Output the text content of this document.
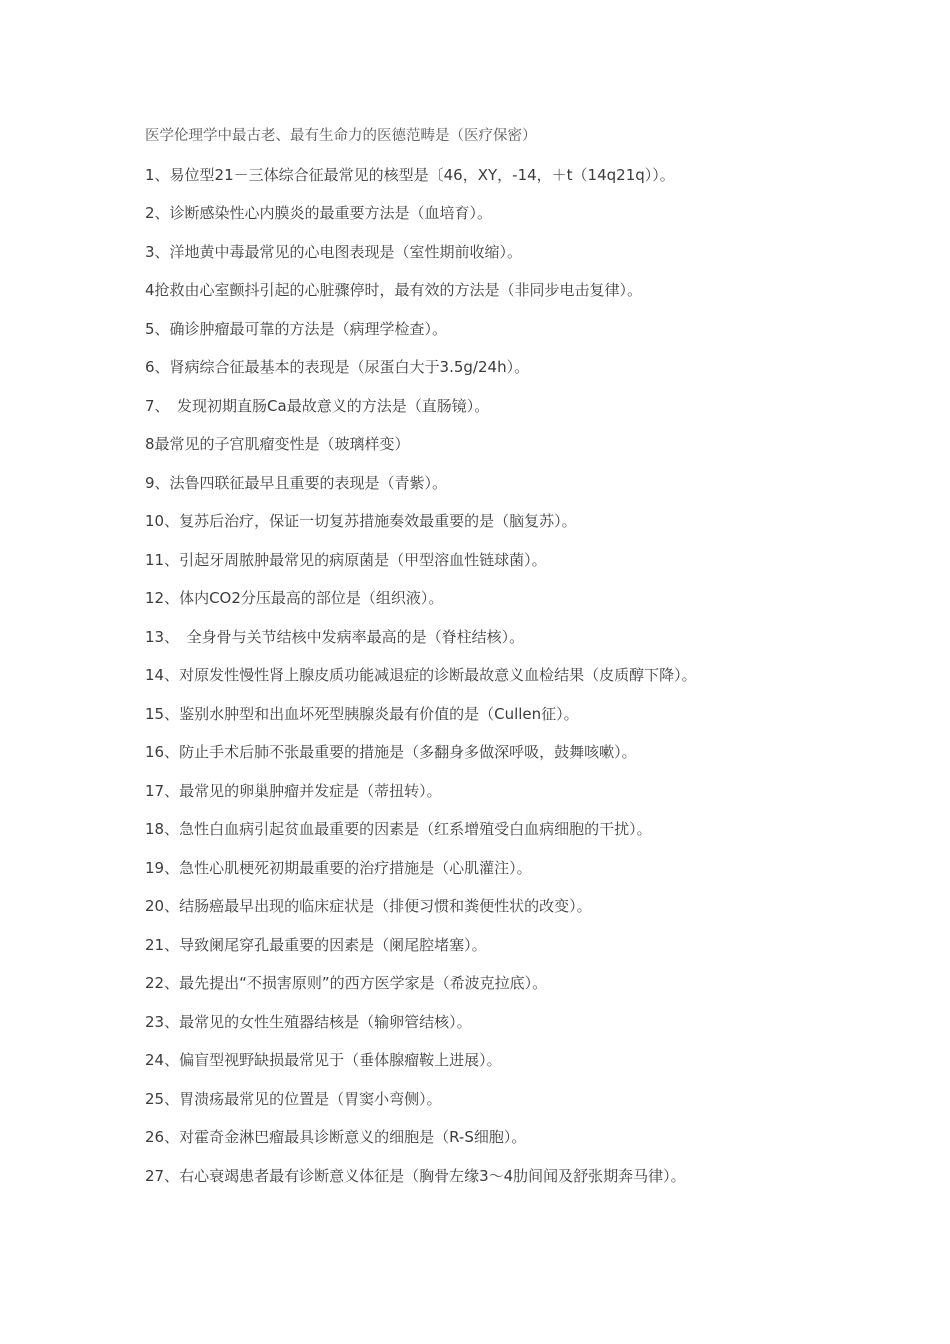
医学伦理学中最古老、最有生命力的医德范畴是（医疗保密）
1、易位型21－三体综合征最常见的核型是〔46，XY，-14，＋t（14q21q））。
2、诊断感染性心内膜炎的最重要方法是（血培育）。
3、洋地黄中毒最常见的心电图表现是（室性期前收缩）。
4抢救由心室颤抖引起的心脏骤停时，最有效的方法是（非同步电击复律）。
5、确诊肿瘤最可靠的方法是（病理学检查）。
6、肾病综合征最基本的表现是（尿蛋白大于3.5g/24h）。
7、　发现初期直肠Ca最故意义的方法是（直肠镜）。
8最常见的子宫肌瘤变性是（玻璃样变）
9、法鲁四联征最早且重要的表现是（青紫）。
10、复苏后治疗，保证一切复苏措施奏效最重要的是（脑复苏）。
11、引起牙周脓肿最常见的病原菌是（甲型溶血性链球菌）。
12、体内CO2分压最高的部位是（组织液）。
13、　全身骨与关节结核中发病率最高的是（脊柱结核）。
14、对原发性慢性肾上腺皮质功能减退症的诊断最故意义血检结果（皮质醇下降）。
15、鉴别水肿型和出血坏死型胰腺炎最有价值的是（Cullen征）。
16、防止手术后肺不张最重要的措施是（多翻身多做深呼吸，鼓舞咳嗽）。
17、最常见的卵巢肿瘤并发症是（蒂扭转）。
18、急性白血病引起贫血最重要的因素是（红系增殖受白血病细胞的干扰）。
19、急性心肌梗死初期最重要的治疗措施是（心肌灌注）。
20、结肠癌最早出现的临床症状是（排便习惯和粪便性状的改变）。
21、导致阑尾穿孔最重要的因素是（阑尾腔堵塞）。
22、最先提出“不损害原则”的西方医学家是（希波克拉底）。
23、最常见的女性生殖器结核是（输卵管结核）。
24、偏盲型视野缺损最常见于（垂体腺瘤鞍上进展）。
25、胃溃疡最常见的位置是（胃窦小弯侧）。
26、对霍奇金淋巴瘤最具诊断意义的细胞是（R-S细胞）。
27、右心衰竭患者最有诊断意义体征是（胸骨左缘3～4肋间闻及舒张期奔马律）。
